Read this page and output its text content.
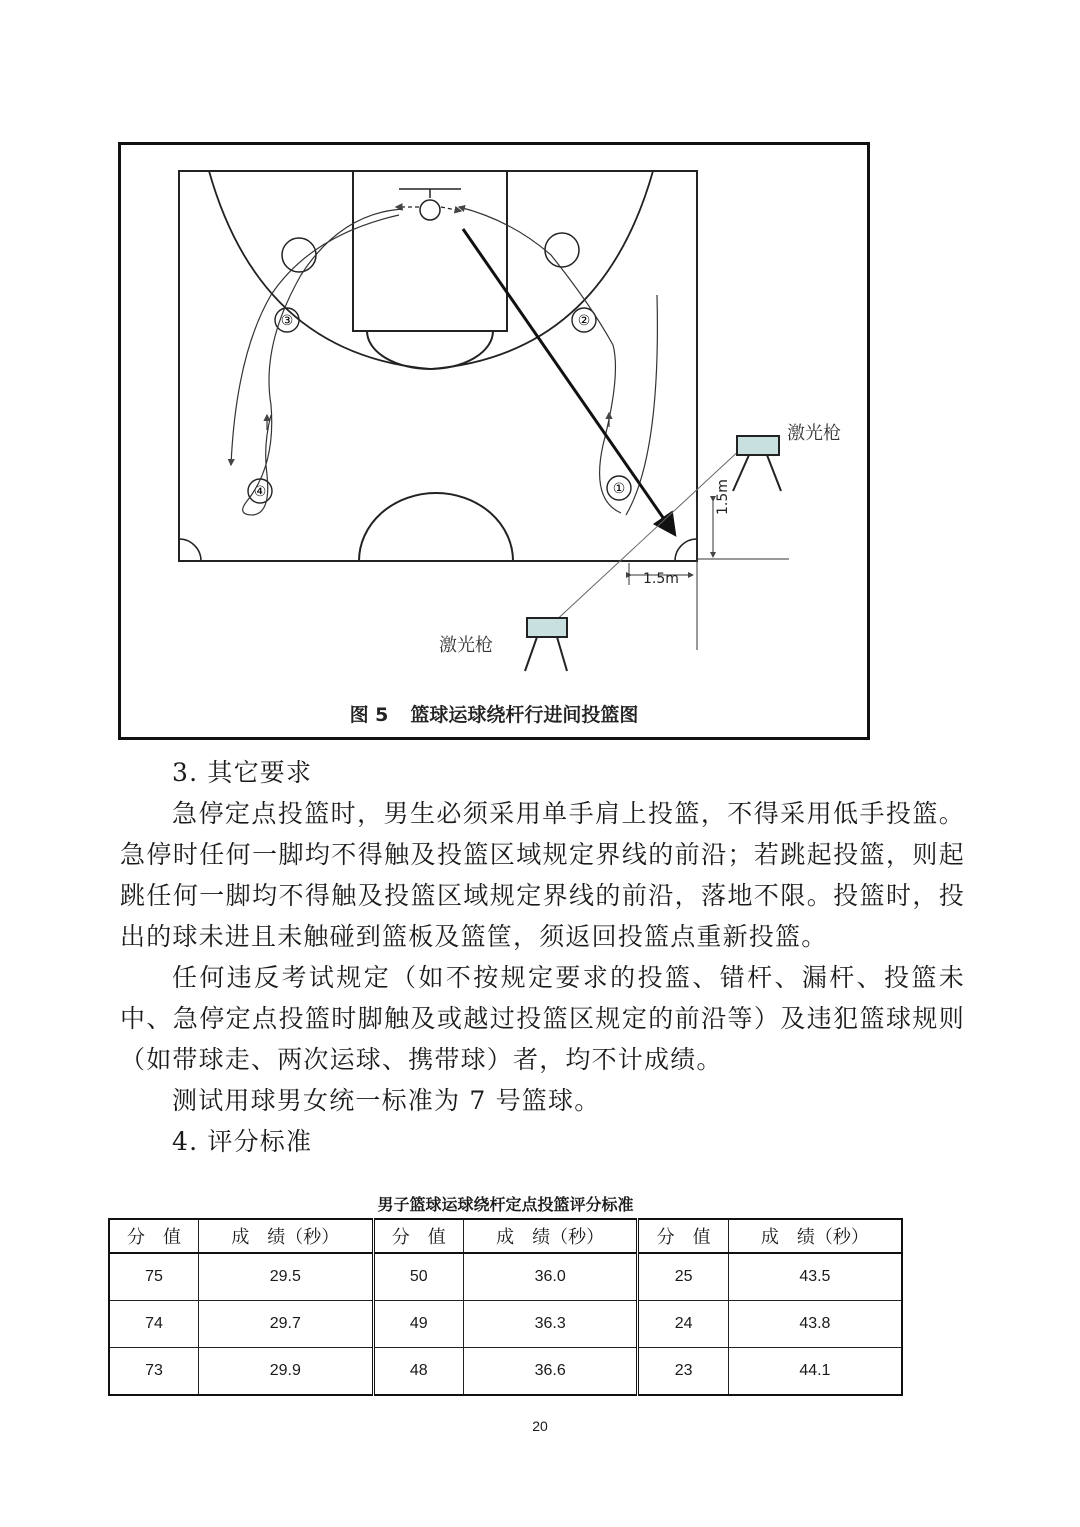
①
②
③
④
激光枪
激光枪
1.5m
1.5m
图 5 篮球运球绕杆行进间投篮图

3. 其它要求

急停定点投篮时，男生必须采用单手肩上投篮，不得采用低手投篮。急停时任何一脚均不得触及投篮区域规定界线的前沿；若跳起投篮，则起跳任何一脚均不得触及投篮区域规定界线的前沿，落地不限。投篮时，投出的球未进且未触碰到篮板及篮筐，须返回投篮点重新投篮。

任何违反考试规定（如不按规定要求的投篮、错杆、漏杆、投篮未中、急停定点投篮时脚触及或越过投篮区规定的前沿等）及违犯篮球规则（如带球走、两次运球、携带球）者，均不计成绩。

测试用球男女统一标准为 7 号篮球。

4. 评分标准

男子篮球运球绕杆定点投篮评分标准
分　值	成　绩（秒）	分　值	成　绩（秒）	分　值	成　绩（秒）
75	29.5	50	36.0	25	43.5
74	29.7	49	36.3	24	43.8
73	29.9	48	36.6	23	44.1
20
